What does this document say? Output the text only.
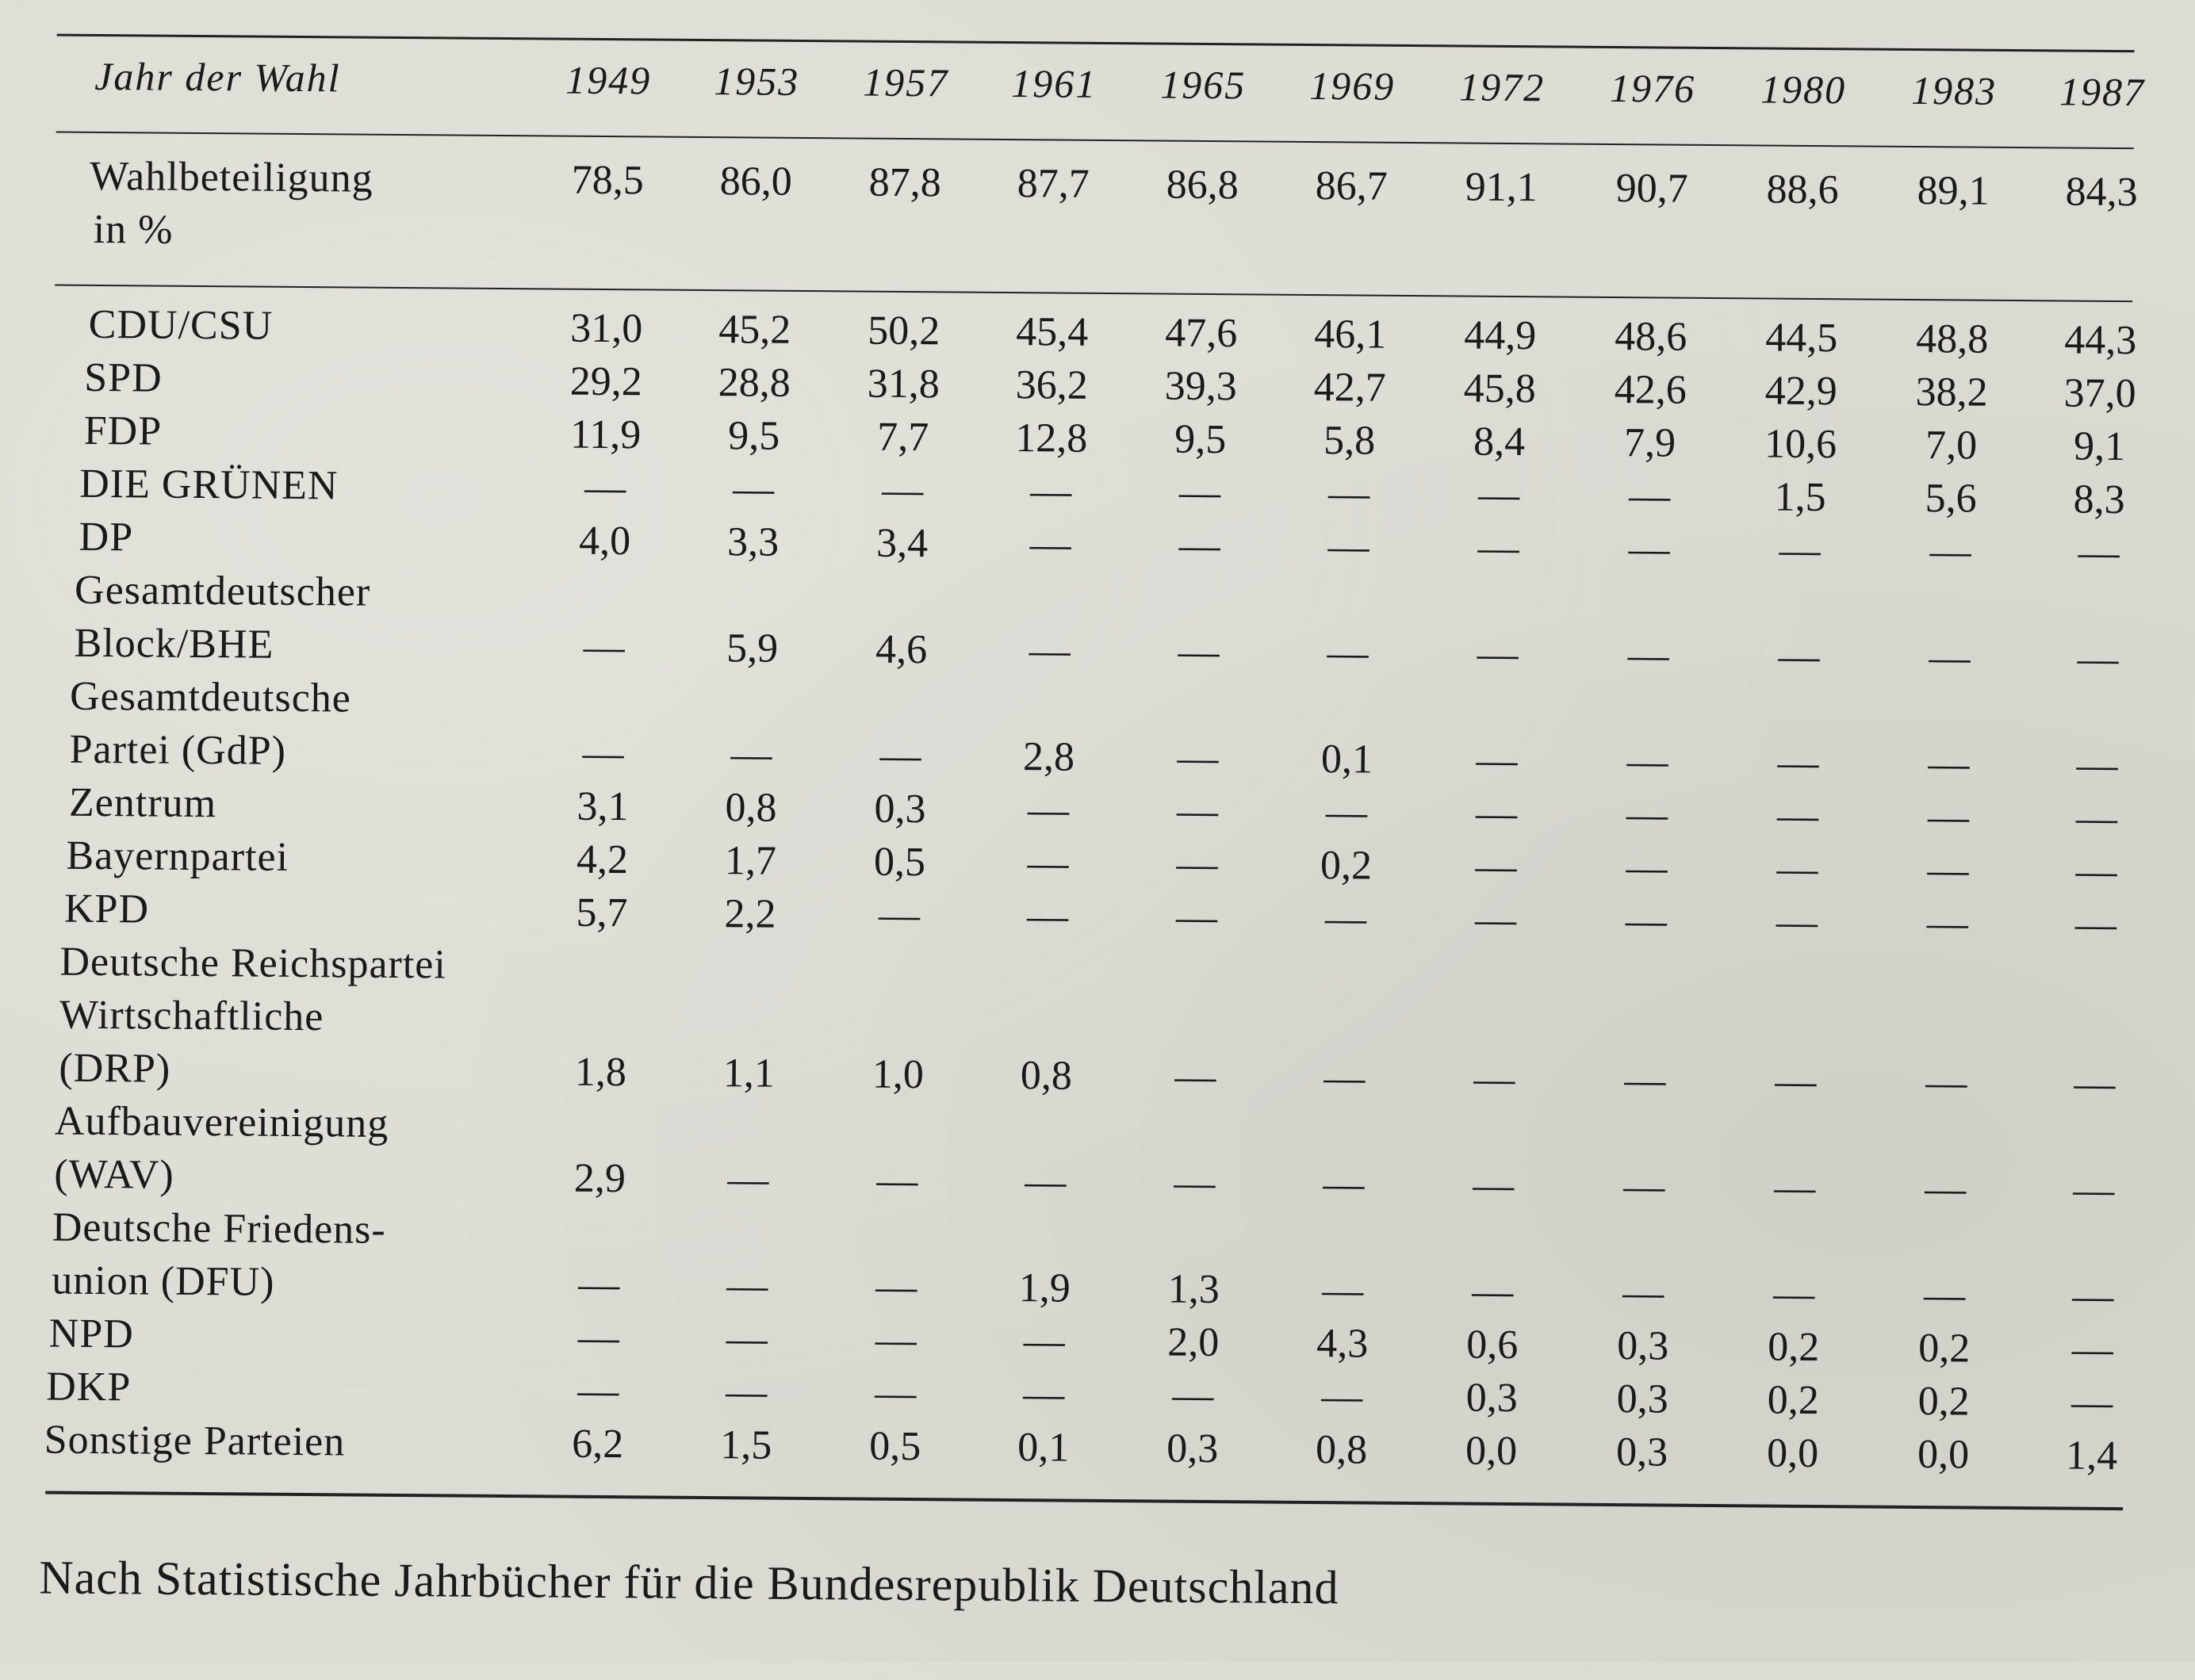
Jahr der Wahl	1949	1953	1957	1961	1965	1969	1972	1976	1980	1983	1987
Wahlbeteiligung
in %
78,5	86,0	87,8	87,7	86,8	86,7	91,1	90,7	88,6	89,1	84,3
CDU/CSU	31,0	45,2	50,2	45,4	47,6	46,1	44,9	48,6	44,5	48,8	44,3
SPD	29,2	28,8	31,8	36,2	39,3	42,7	45,8	42,6	42,9	38,2	37,0
FDP	11,9	9,5	7,7	12,8	9,5	5,8	8,4	7,9	10,6	7,0	9,1
DIE GRÜNEN	—	—	—	—	—	—	—	—	1,5	5,6	8,3
DP	4,0	3,3	3,4	—	—	—	—	—	—	—	—
Gesamtdeutscher
Block/BHE	—	5,9	4,6	—	—	—	—	—	—	—	—
Gesamtdeutsche
Partei (GdP)	—	—	—	2,8	—	0,1	—	—	—	—	—
Zentrum	3,1	0,8	0,3	—	—	—	—	—	—	—	—
Bayernpartei	4,2	1,7	0,5	—	—	0,2	—	—	—	—	—
KPD	5,7	2,2	—	—	—	—	—	—	—	—	—
Deutsche Reichspartei
Wirtschaftliche
(DRP)	1,8	1,1	1,0	0,8	—	—	—	—	—	—	—
Aufbauvereinigung
(WAV)	2,9	—	—	—	—	—	—	—	—	—	—
Deutsche Friedens-
union (DFU)	—	—	—	1,9	1,3	—	—	—	—	—	—
NPD	—	—	—	—	2,0	4,3	0,6	0,3	0,2	0,2	—
DKP	—	—	—	—	—	—	0,3	0,3	0,2	0,2	—
Sonstige Parteien	6,2	1,5	0,5	0,1	0,3	0,8	0,0	0,3	0,0	0,0	1,4
Nach Statistische Jahrbücher für die Bundesrepublik Deutschland
